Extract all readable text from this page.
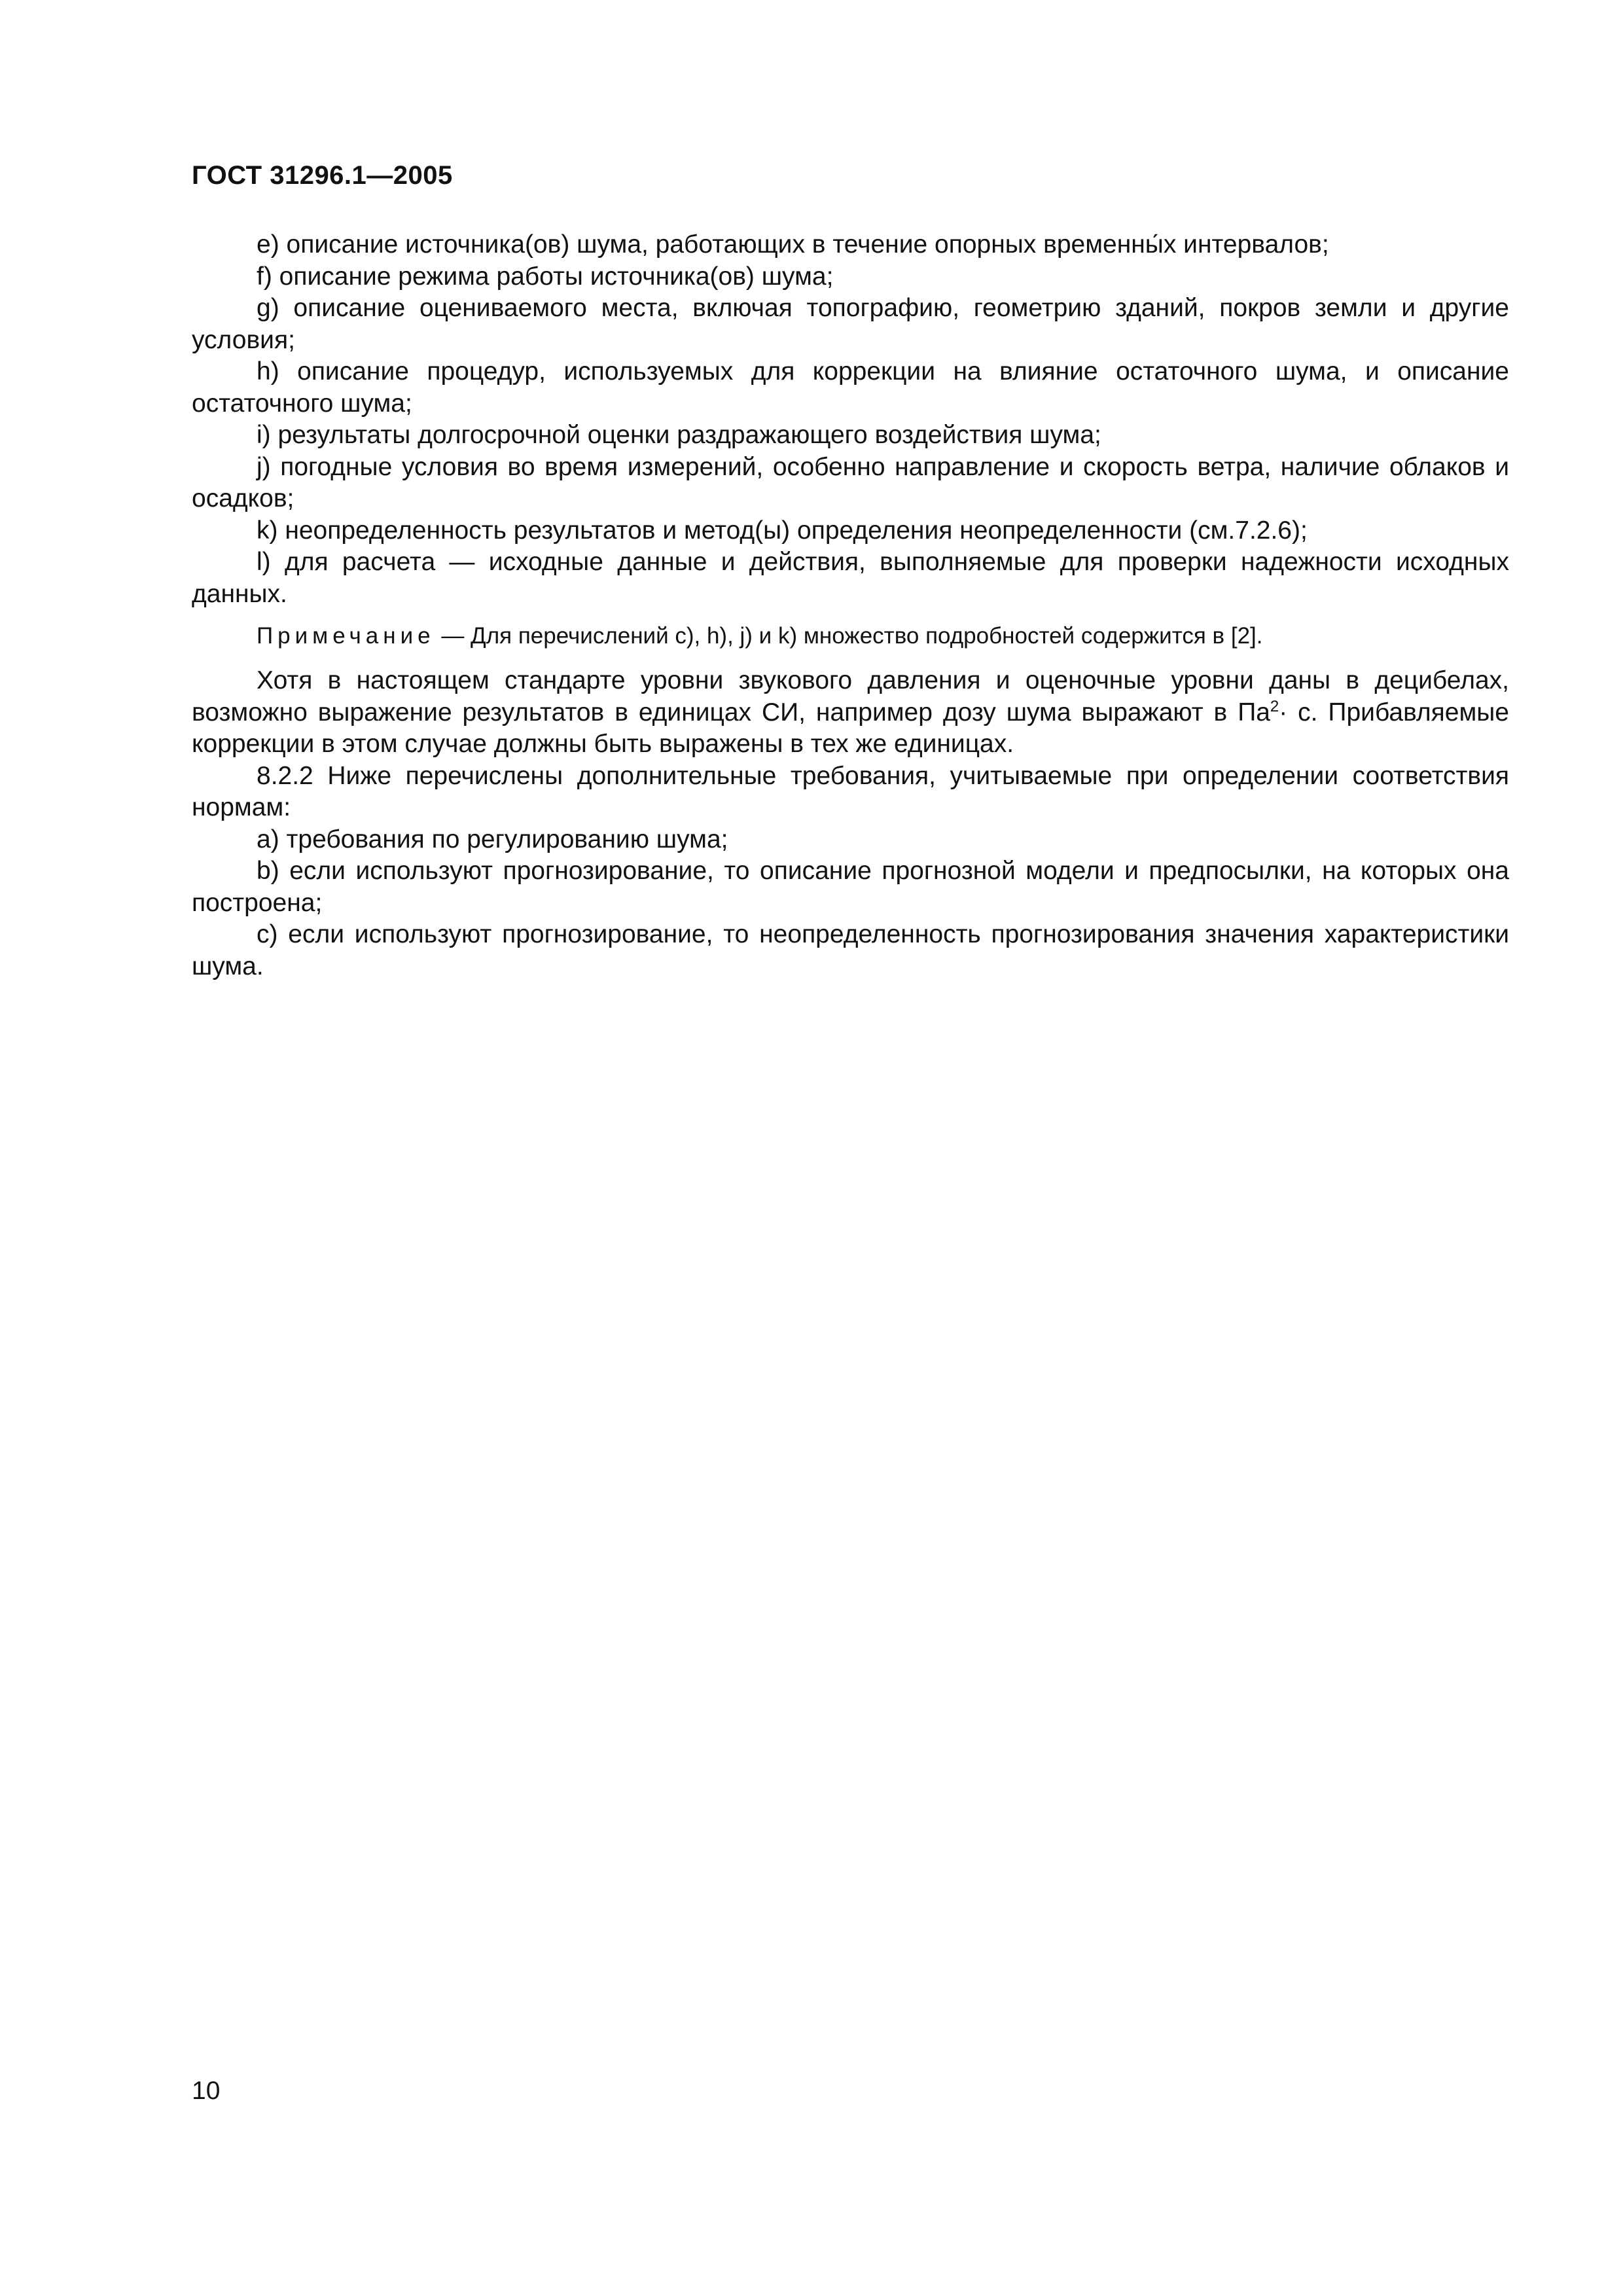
ГОСТ 31296.1—2005

e) описание источника(ов) шума, работающих в течение опорных временны́х интервалов;

f) описание режима работы источника(ов) шума;

g) описание оцениваемого места, включая топографию, геометрию зданий, покров земли и другие условия;

h) описание процедур, используемых для коррекции на влияние остаточного шума, и описание остаточного шума;

i) результаты долгосрочной оценки раздражающего воздействия шума;

j) погодные условия во время измерений, особенно направление и скорость ветра, наличие облаков и осадков;

k) неопределенность результатов и метод(ы) определения неопределенности (см.7.2.6);

l) для расчета — исходные данные и действия, выполняемые для проверки надежности исходных данных.

Примечание — Для перечислений c), h), j) и k) множество подробностей содержится в [2].

Хотя в настоящем стандарте уровни звукового давления и оценочные уровни даны в децибелах, возможно выражение результатов в единицах СИ, например дозу шума выражают в $Па^2\cdot с$. Прибавляемые коррекции в этом случае должны быть выражены в тех же единицах.

8.2.2 Ниже перечислены дополнительные требования, учитываемые при определении соответствия нормам:

a) требования по регулированию шума;

b) если используют прогнозирование, то описание прогнозной модели и предпосылки, на которых она построена;

c) если используют прогнозирование, то неопределенность прогнозирования значения характеристики шума.

10
